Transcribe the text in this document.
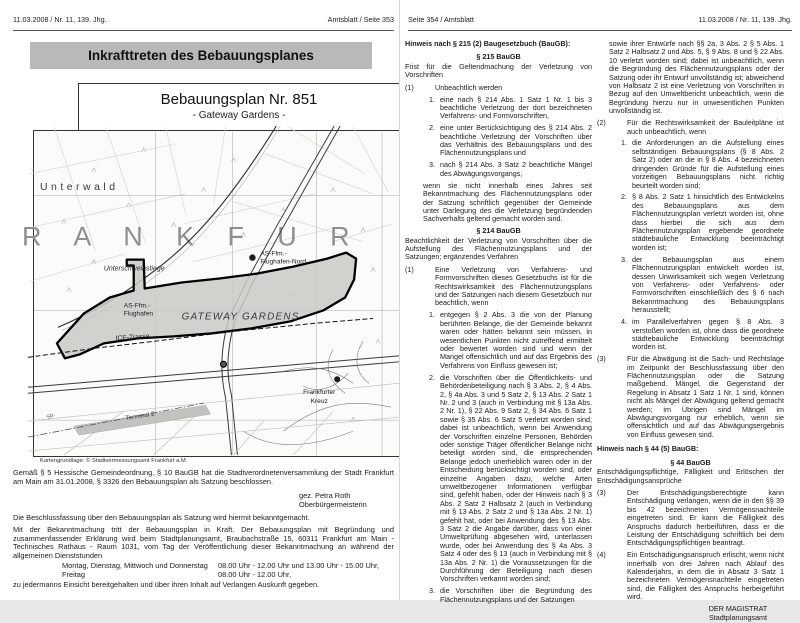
11.03.2008 / Nr. 11, 139. Jhg.	Amtsblatt / Seite 353
Inkrafttreten des Bebauungsplanes
Bebauungsplan Nr. 851
- Gateway Gardens -
R A N K F U R
Unterwald
Unterschweinstiege
AS-Ffm.-
Flughafen-Nord
AS-Ffm.-
Flughafen	GATEWAY GARDENS
ICE-Trasse
Terminal 2
Frankfurter
Kreuz
Str.
Kartengrundlage: © Stadtvermessungsamt Frankfurt a.M.
Gemäß § 5 Hessische Gemeindeordnung, § 10 BauGB hat die Stadtverordnetenversammlung der Stadt Frankfurt am Main am 31.01.2008, § 3326 den Bebauungsplan als Satzung beschlossen.
gez. Petra Roth
Oberbürgermeisterin
Die Beschlussfassung über den Bebauungsplan als Satzung wird hiermit bekanntgemacht.
Mit der Bekanntmachung tritt der Bebauungsplan in Kraft. Der Bebauungsplan mit Begründung und zusammenfassender Erklärung wird beim Stadtplanungsamt, Braubachstraße 15, 60311 Frankfurt am Main - Technisches Rathaus - Raum 1031, vom Tag der Veröffentlichung dieser Bekanntmachung an während der allgemeinen Dienststunden
Montag, Dienstag, Mittwoch und Donnerstag	08.00 Uhr - 12.00 Uhr und 13.00 Uhr - 15.00 Uhr,
Freitag	08.00 Uhr - 12.00 Uhr,
zu jedermanns Einsicht bereitgehalten und über ihren Inhalt auf Verlangen Auskunft gegeben.
Seite 354 / Amtsblatt	11.03.2008 / Nr. 11, 139. Jhg.
Hinweis nach § 215 (2) Baugesetzbuch (BauGB):
§ 215 BauGB
Frist für die Geltendmachung der Verletzung von Vorschriften
(1)	Unbeachtlich werden
1. eine nach § 214 Abs. 1 Satz 1 Nr. 1 bis 3 beachtliche Verletzung der dort bezeichneten Verfahrens- und Formvorschriften,
2. eine unter Berücksichtigung des § 214 Abs. 2 beachtliche Verletzung der Vorschriften über das Verhältnis des Bebauungsplans und des Flächennutzungsplans und
3. nach § 214 Abs. 3 Satz 2 beachtliche Mängel des Abwägungsvorgangs,
wenn sie nicht innerhalb eines Jahres seit Bekanntmachung des Flächennutzungsplans oder der Satzung schriftlich gegenüber der Gemeinde unter Darlegung des die Verletzung begründenden Sachverhalts geltend gemacht worden sind.
§ 214 BauGB
Beachtlichkeit der Verletzung von Vorschriften über die Aufstellung des Flächennutzungsplans und der Satzungen; ergänzendes Verfahren
(1)	Eine Verletzung von Verfahrens- und Formvorschriften dieses Gesetzbuchs ist für die Rechtswirksamkeit des Flächennutzungsplans und der Satzungen nach diesem Gesetzbuch nur beachtlich, wenn
1. entgegen § 2 Abs. 3 die von der Planung berührten Belange, die der Gemeinde bekannt waren oder hätten bekannt sein müssen, in wesentlichen Punkten nicht zutreffend ermittelt oder bewertet worden sind und wenn der Mangel offensichtlich und auf das Ergebnis des Verfahrens von Einfluss gewesen ist;
2. die Vorschriften über die Öffentlichkeits- und Behördenbeteiligung nach § 3 Abs. 2, § 4 Abs. 2, § 4a Abs. 3 und 5 Satz 2, § 13 Abs. 2 Satz 1 Nr. 2 und 3 (auch in Verbindung mit § 13a Abs. 2 Nr. 1), § 22 Abs. 9 Satz 2, § 34 Abs. 6 Satz 1 sowie § 35 Abs. 6 Satz 5 verletzt worden sind; dabei ist unbeachtlich, wenn bei Anwendung der Vorschriften einzelne Personen, Behörden oder sonstige Träger öffentlicher Belange nicht beteiligt worden sind, die entsprechenden Belange jedoch unerheblich waren oder in der Entscheidung berücksichtigt worden sind, oder einzelne Angaben dazu, welche Arten umweltbezogener Informationen verfügbar sind, gefehlt haben, oder der Hinweis nach § 3 Abs. 2 Satz 2 Halbsatz 2 (auch in Verbindung mit § 13 Abs. 2 Satz 2 und § 13a Abs. 2 Nr. 1) gefehlt hat, oder bei Anwendung des § 13 Abs. 3 Satz 2 die Angabe darüber, dass von einer Umweltprüfung abgesehen wird, unterlassen wurde, oder bei Anwendung des § 4a Abs. 3 Satz 4 oder des § 13 (auch in Verbindung mit § 13a Abs. 2 Nr. 1) die Voraussetzungen für die Durchführung der Beteiligung nach diesen Vorschriften verkannt worden sind;
3. die Vorschriften über die Begründung des Flächennutzungsplans und der Satzungen
sowie ihrer Entwürfe nach §§ 2a, 3 Abs. 2 § 5 Abs. 1 Satz 2 Halbsatz 2 und Abs. 5, § 9 Abs. 8 und § 22 Abs. 10 verletzt worden sind; dabei ist unbeachtlich, wenn die Begründung des Flächennutzungsplans oder der Satzung oder ihr Entwurf unvollständig ist; abweichend von Halbsatz 2 ist eine Verletzung von Vorschriften in Bezug auf den Umweltbericht unbeachtlich, wenn die Begründung hierzu nur in unwesentlichen Punkten unvollständig ist.
(2)	Für die Rechtswirksamkeit der Bauleitpläne ist auch unbeachtlich, wenn
1. die Anforderungen an die Aufstellung eines selbständigen Bebauungsplans (§ 8 Abs. 2 Satz 2) oder an die in § 8 Abs. 4 bezeichneten dringenden Gründe für die Aufstellung eines vorzeitigen Bebauungsplans nicht richtig beurteilt worden sind;
2. § 8 Abs. 2 Satz 1 hinsichtlich des Entwickelns des Bebauungsplans aus dem Flächennutzungsplan verletzt worden ist, ohne dass hierbei die sich aus dem Flächennutzungsplan ergebende geordnete städtebauliche Entwicklung beeinträchtigt worden ist;
3. der Bebauungsplan aus einem Flächennutzungsplan entwickelt worden ist, dessen Unwirksamkeit sich wegen Verletzung von Verfahrens- oder Verfahrens- oder Formvorschriften einschließlich des § 6 nach Bekanntmachung des Bebauungsplans herausstellt;
4. im Parallelverfahren gegen § 8 Abs. 3 verstoßen worden ist, ohne dass die geordnete städtebauliche Entwicklung beeinträchtigt worden ist.
(3)	Für die Abwägung ist die Sach- und Rechtslage im Zeitpunkt der Beschlussfassung über den Flächennutzungsplan oder die Satzung maßgebend. Mängel, die Gegenstand der Regelung in Absatz 1 Satz 1 Nr. 1 sind, können nicht als Mängel der Abwägung geltend gemacht werden; im Übrigen sind Mängel im Abwägungsvorgang nur erheblich, wenn sie offensichtlich und auf das Abwägungsergebnis von Einfluss gewesen sind.
Hinweis nach § 44 (5) BauGB:
§ 44 BauGB
Entschädigungspflichtige, Fälligkeit und Erlöschen der Entschädigungsansprüche
(3)	Der Entschädigungsberechtigte kann Entschädigung verlangen, wenn die in den §§ 39 bis 42 bezeichneten Vermögensnachteile eingetreten sind. Er kann die Fälligkeit des Anspruchs dadurch herbeiführen, dass er die Leistung der Entschädigung schriftlich bei dem Entschädigungspflichtigen beantragt.
(4)	Ein Entschädigungsanspruch erlischt, wenn nicht innerhalb von drei Jahren nach Ablauf des Kalenderjahrs, in dem die in Absatz 3 Satz 1 bezeichneten Vermögensnachteile eingetreten sind, die Fälligkeit des Anspruchs herbeigeführt wird.
DER MAGISTRAT
Stadtplanungsamt
